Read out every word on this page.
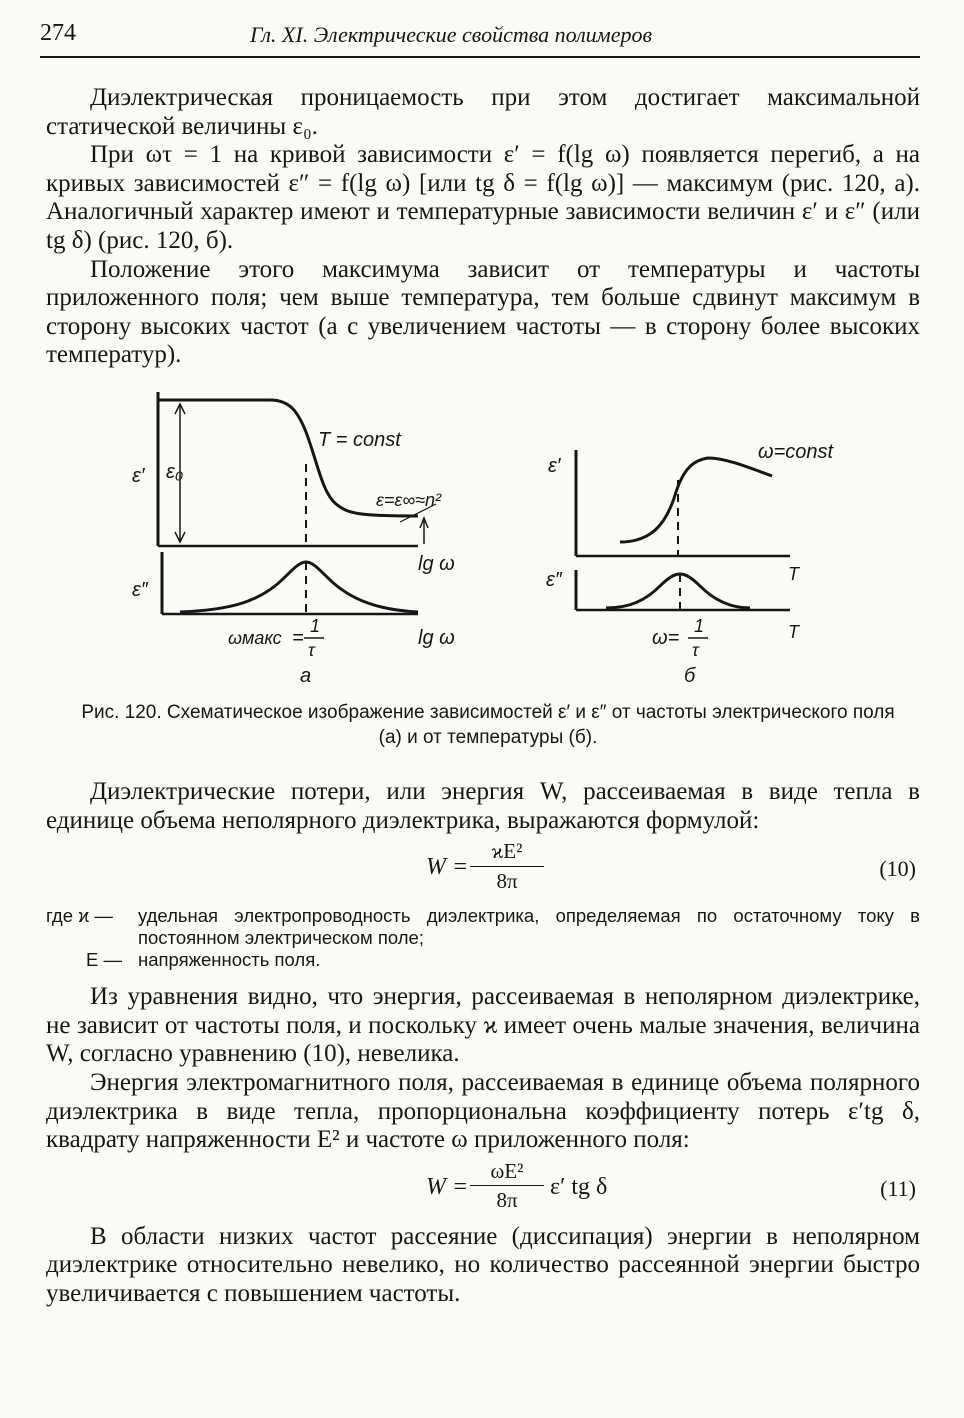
274	Гл. XI. Электрические свойства полимеров

Диэлектрическая проницаемость при этом достигает максимальной статической величины ε₀.

При ωτ = 1 на кривой зависимости ε′ = f(lg ω) появляется перегиб, а на кривых зависимостей ε″ = f(lg ω) [или tg δ = f(lg ω)] — максимум (рис. 120, а). Аналогичный характер имеют и температурные зависимости величин ε′ и ε″ (или tg δ) (рис. 120, б).

Положение этого максимума зависит от температуры и частоты приложенного поля; чем выше температура, тем больше сдвинут максимум в сторону высоких частот (а с увеличением частоты — в сторону более высоких температур).

ε′ ε₀
T = const
ε=ε∞≈n²
lg ω
ε″
lg ω
ωмакс =
1
τ
а
ε′
ω=const
T
ε″
T
ω=
1
τ
б
Рис. 120. Схематическое изображение зависимостей ε′ и ε″ от частоты электрического поля (а) и от температуры (б).

Диэлектрические потери, или энергия W, рассеиваемая в виде тепла в единице объема неполярного диэлектрика, выражаются формулой:

$W = \frac{\text{ϰE²}}{8\pi}$	(10)
где ϰ — удельная электропроводность диэлектрика, определяемая по остаточному току в постоянном электрическом поле;
E — напряженность поля.

Из уравнения видно, что энергия, рассеиваемая в неполярном диэлектрике, не зависит от частоты поля, и поскольку ϰ имеет очень малые значения, величина W, согласно уравнению (10), невелика.

Энергия электромагнитного поля, рассеиваемая в единице объема полярного диэлектрика в виде тепла, пропорциональна коэффициенту потерь ε′tg δ, квадрату напряженности E² и частоте ω приложенного поля:

$W = \frac{\text{ωE²}}{8\pi} \varepsilon'$ tg δ	(11)

В области низких частот рассеяние (диссипация) энергии в неполярном диэлектрике относительно невелико, но количество рассеянной энергии быстро увеличивается с повышением частоты.
